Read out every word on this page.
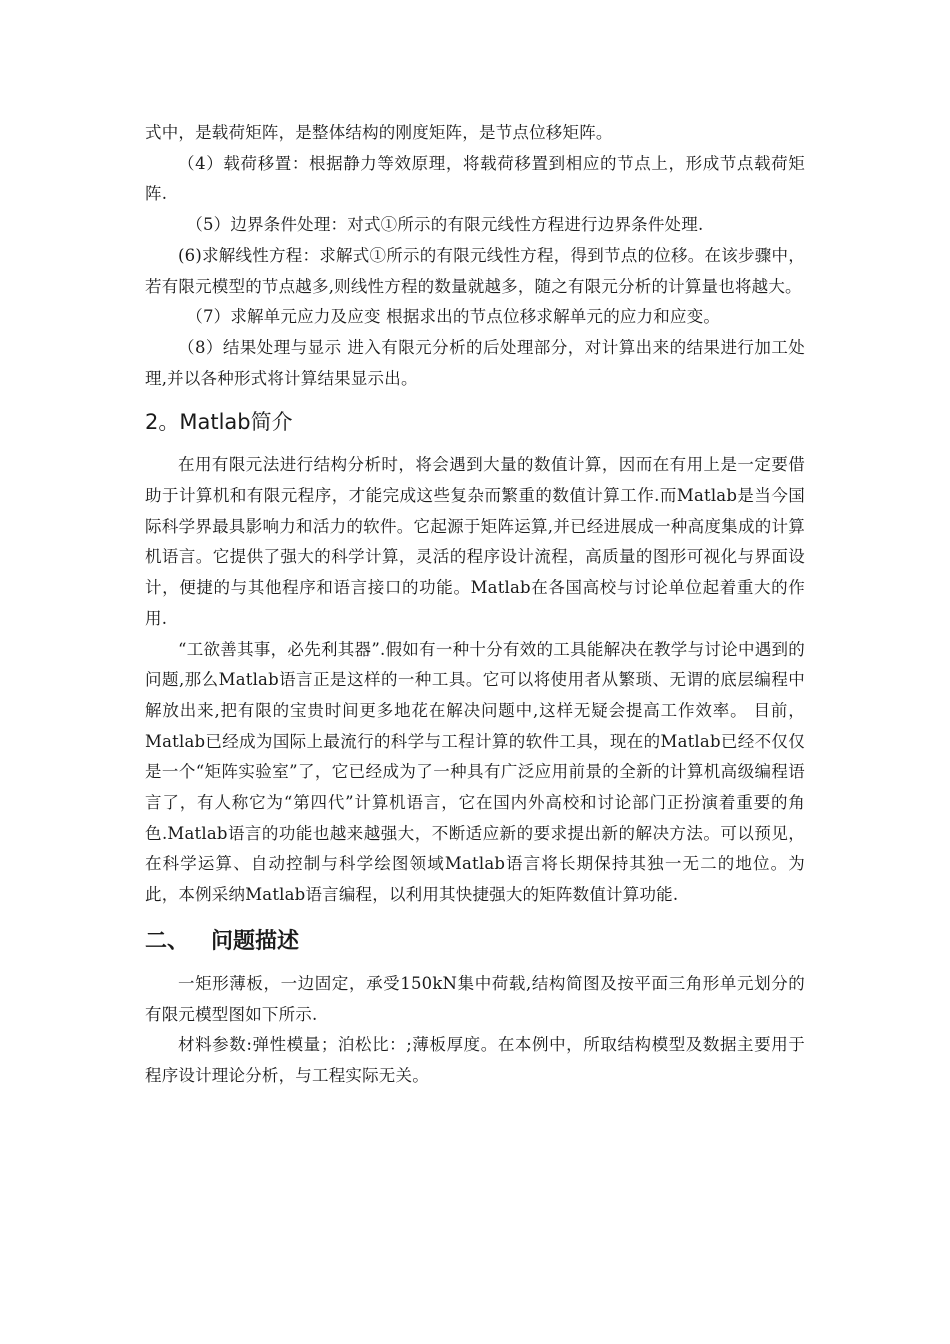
式中，是载荷矩阵，是整体结构的刚度矩阵，是节点位移矩阵。

（4）载荷移置：根据静力等效原理，将载荷移置到相应的节点上，形成节点载荷矩阵.

（5）边界条件处理：对式①所示的有限元线性方程进行边界条件处理.

(6)求解线性方程：求解式①所示的有限元线性方程，得到节点的位移。在该步骤中，若有限元模型的节点越多,则线性方程的数量就越多，随之有限元分析的计算量也将越大。

（7）求解单元应力及应变 根据求出的节点位移求解单元的应力和应变。

（8）结果处理与显示 进入有限元分析的后处理部分，对计算出来的结果进行加工处理,并以各种形式将计算结果显示出。

2。Matlab简介

在用有限元法进行结构分析时，将会遇到大量的数值计算，因而在有用上是一定要借助于计算机和有限元程序，才能完成这些复杂而繁重的数值计算工作.而Matlab是当今国际科学界最具影响力和活力的软件。它起源于矩阵运算,并已经进展成一种高度集成的计算机语言。它提供了强大的科学计算，灵活的程序设计流程，高质量的图形可视化与界面设计，便捷的与其他程序和语言接口的功能。Matlab在各国高校与讨论单位起着重大的作用.

“工欲善其事，必先利其器”.假如有一种十分有效的工具能解决在教学与讨论中遇到的问题,那么Matlab语言正是这样的一种工具。它可以将使用者从繁琐、无谓的底层编程中解放出来,把有限的宝贵时间更多地花在解决问题中,这样无疑会提高工作效率。 目前，Matlab已经成为国际上最流行的科学与工程计算的软件工具，现在的Matlab已经不仅仅是一个“矩阵实验室”了，它已经成为了一种具有广泛应用前景的全新的计算机高级编程语言了，有人称它为“第四代”计算机语言，它在国内外高校和讨论部门正扮演着重要的角色.Matlab语言的功能也越来越强大，不断适应新的要求提出新的解决方法。可以预见，在科学运算、自动控制与科学绘图领域Matlab语言将长期保持其独一无二的地位。为此，本例采纳Matlab语言编程，以利用其快捷强大的矩阵数值计算功能.

二、 问题描述

一矩形薄板，一边固定，承受150kN集中荷载,结构简图及按平面三角形单元划分的有限元模型图如下所示.

材料参数:弹性模量；泊松比：;薄板厚度。在本例中，所取结构模型及数据主要用于程序设计理论分析，与工程实际无关。
